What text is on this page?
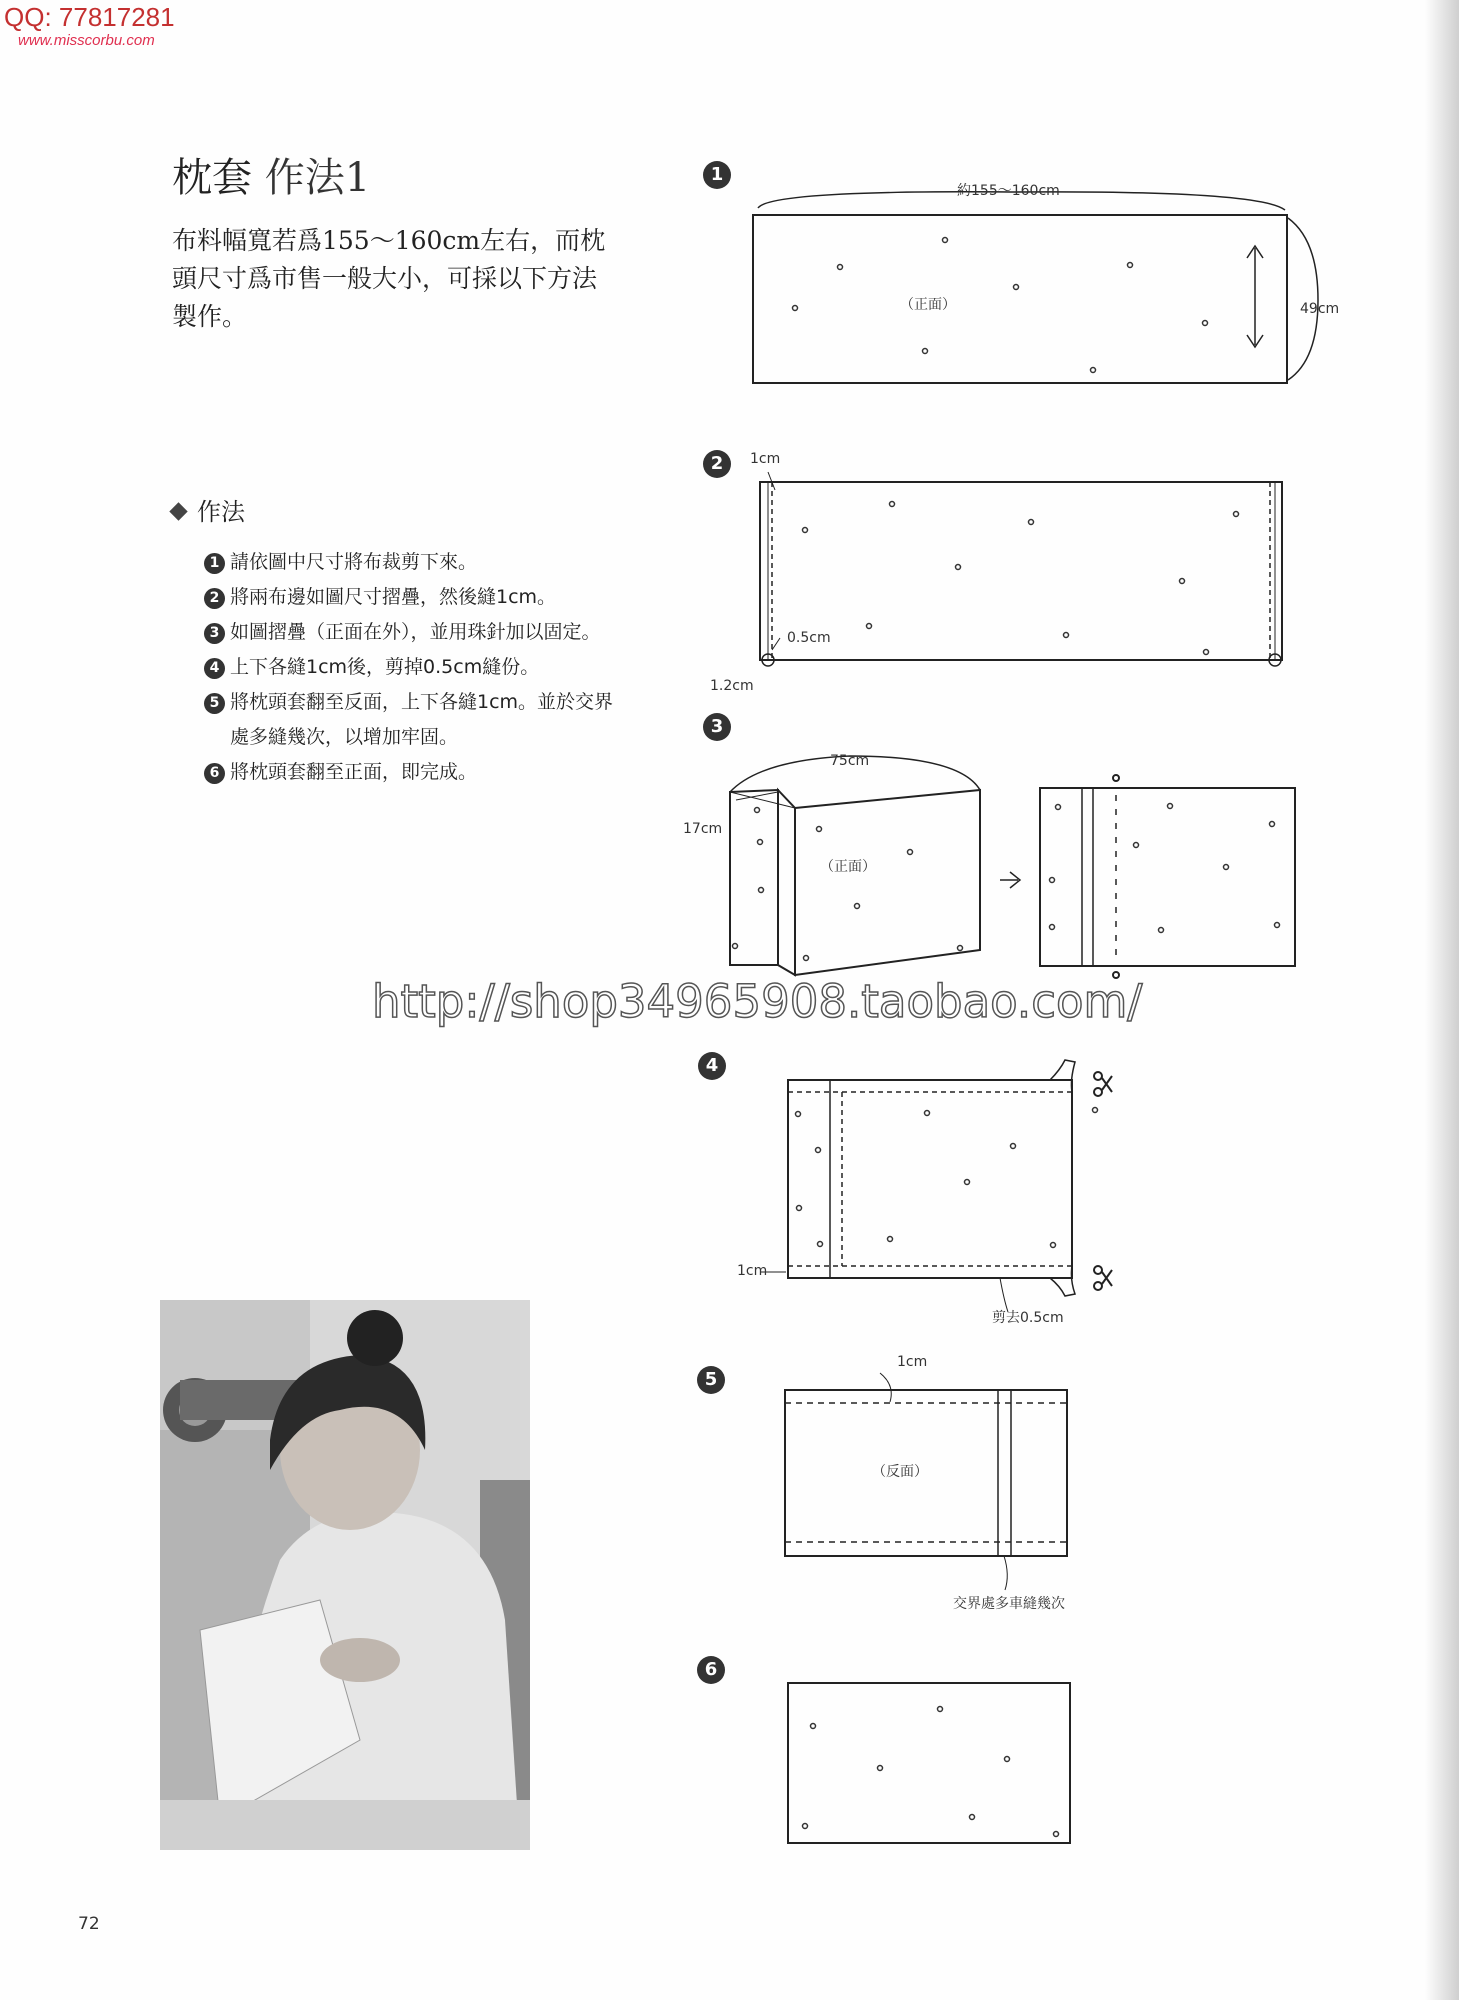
QQ: 77817281
www.misscorbu.com
枕套 作法1
布料幅寬若爲155～160cm左右，而枕頭尺寸爲市售一般大小，可採以下方法製作。
作法
1 請依圖中尺寸將布裁剪下來。
2 將兩布邊如圖尺寸摺疊，然後縫1cm。
3 如圖摺疊（正面在外），並用珠針加以固定。
4 上下各縫1cm後，剪掉0.5cm縫份。
5 將枕頭套翻至反面，上下各縫1cm。並於交界處多縫幾次，以增加牢固。
6 將枕頭套翻至正面，即完成。
72
1
2
3
4
5
6
約155～160cm
49cm
（正面）
1cm
0.5cm
1.2cm
75cm
17cm
（正面）
1cm
剪去0.5cm
1cm
（反面）
交界處多車縫幾次
http://shop34965908.taobao.com/
